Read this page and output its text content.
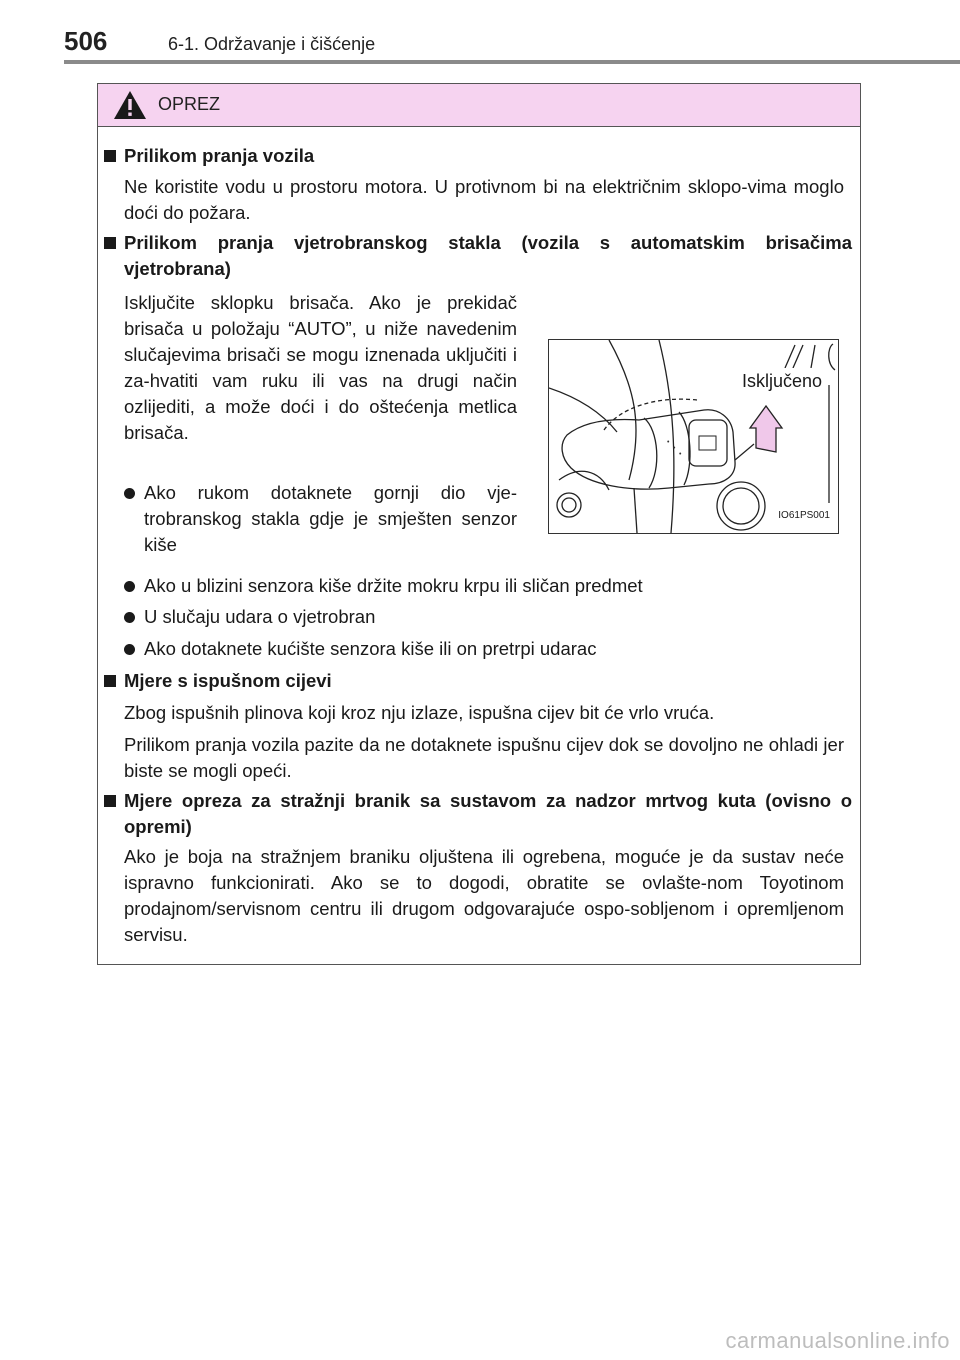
506	6-1. Održavanje i čišćenje
OPREZ
Prilikom pranja vozila
Ne koristite vodu u prostoru motora. U protivnom bi na električnim sklopo-vima moglo doći do požara.
Prilikom pranja vjetrobranskog stakla (vozila s automatskim brisačima vjetrobrana)
Isključite sklopku brisača. Ako je prekidač brisača u položaju “AUTO”, u niže navedenim slučajevima brisači se mogu iznenada uključiti i za-hvatiti vam ruku ili vas na drugi način ozlijediti, a može doći i do oštećenja metlica brisača.
Ako rukom dotaknete gornji dio vje-trobranskog stakla gdje je smješten senzor kiše
•
•
•
Isključeno
IO61PS001
Ako u blizini senzora kiše držite mokru krpu ili sličan predmet
U slučaju udara o vjetrobran
Ako dotaknete kućište senzora kiše ili on pretrpi udarac
Mjere s ispušnom cijevi
Zbog ispušnih plinova koji kroz nju izlaze, ispušna cijev bit će vrlo vruća.
Prilikom pranja vozila pazite da ne dotaknete ispušnu cijev dok se dovoljno ne ohladi jer biste se mogli opeći.
Mjere opreza za stražnji branik sa sustavom za nadzor mrtvog kuta (ovisno o opremi)
Ako je boja na stražnjem braniku oljuštena ili ogrebena, moguće je da sustav neće ispravno funkcionirati. Ako se to dogodi, obratite se ovlašte-nom Toyotinom prodajnom/servisnom centru ili drugom odgovarajuće ospo-sobljenom i opremljenom servisu.
carmanualsonline.info
